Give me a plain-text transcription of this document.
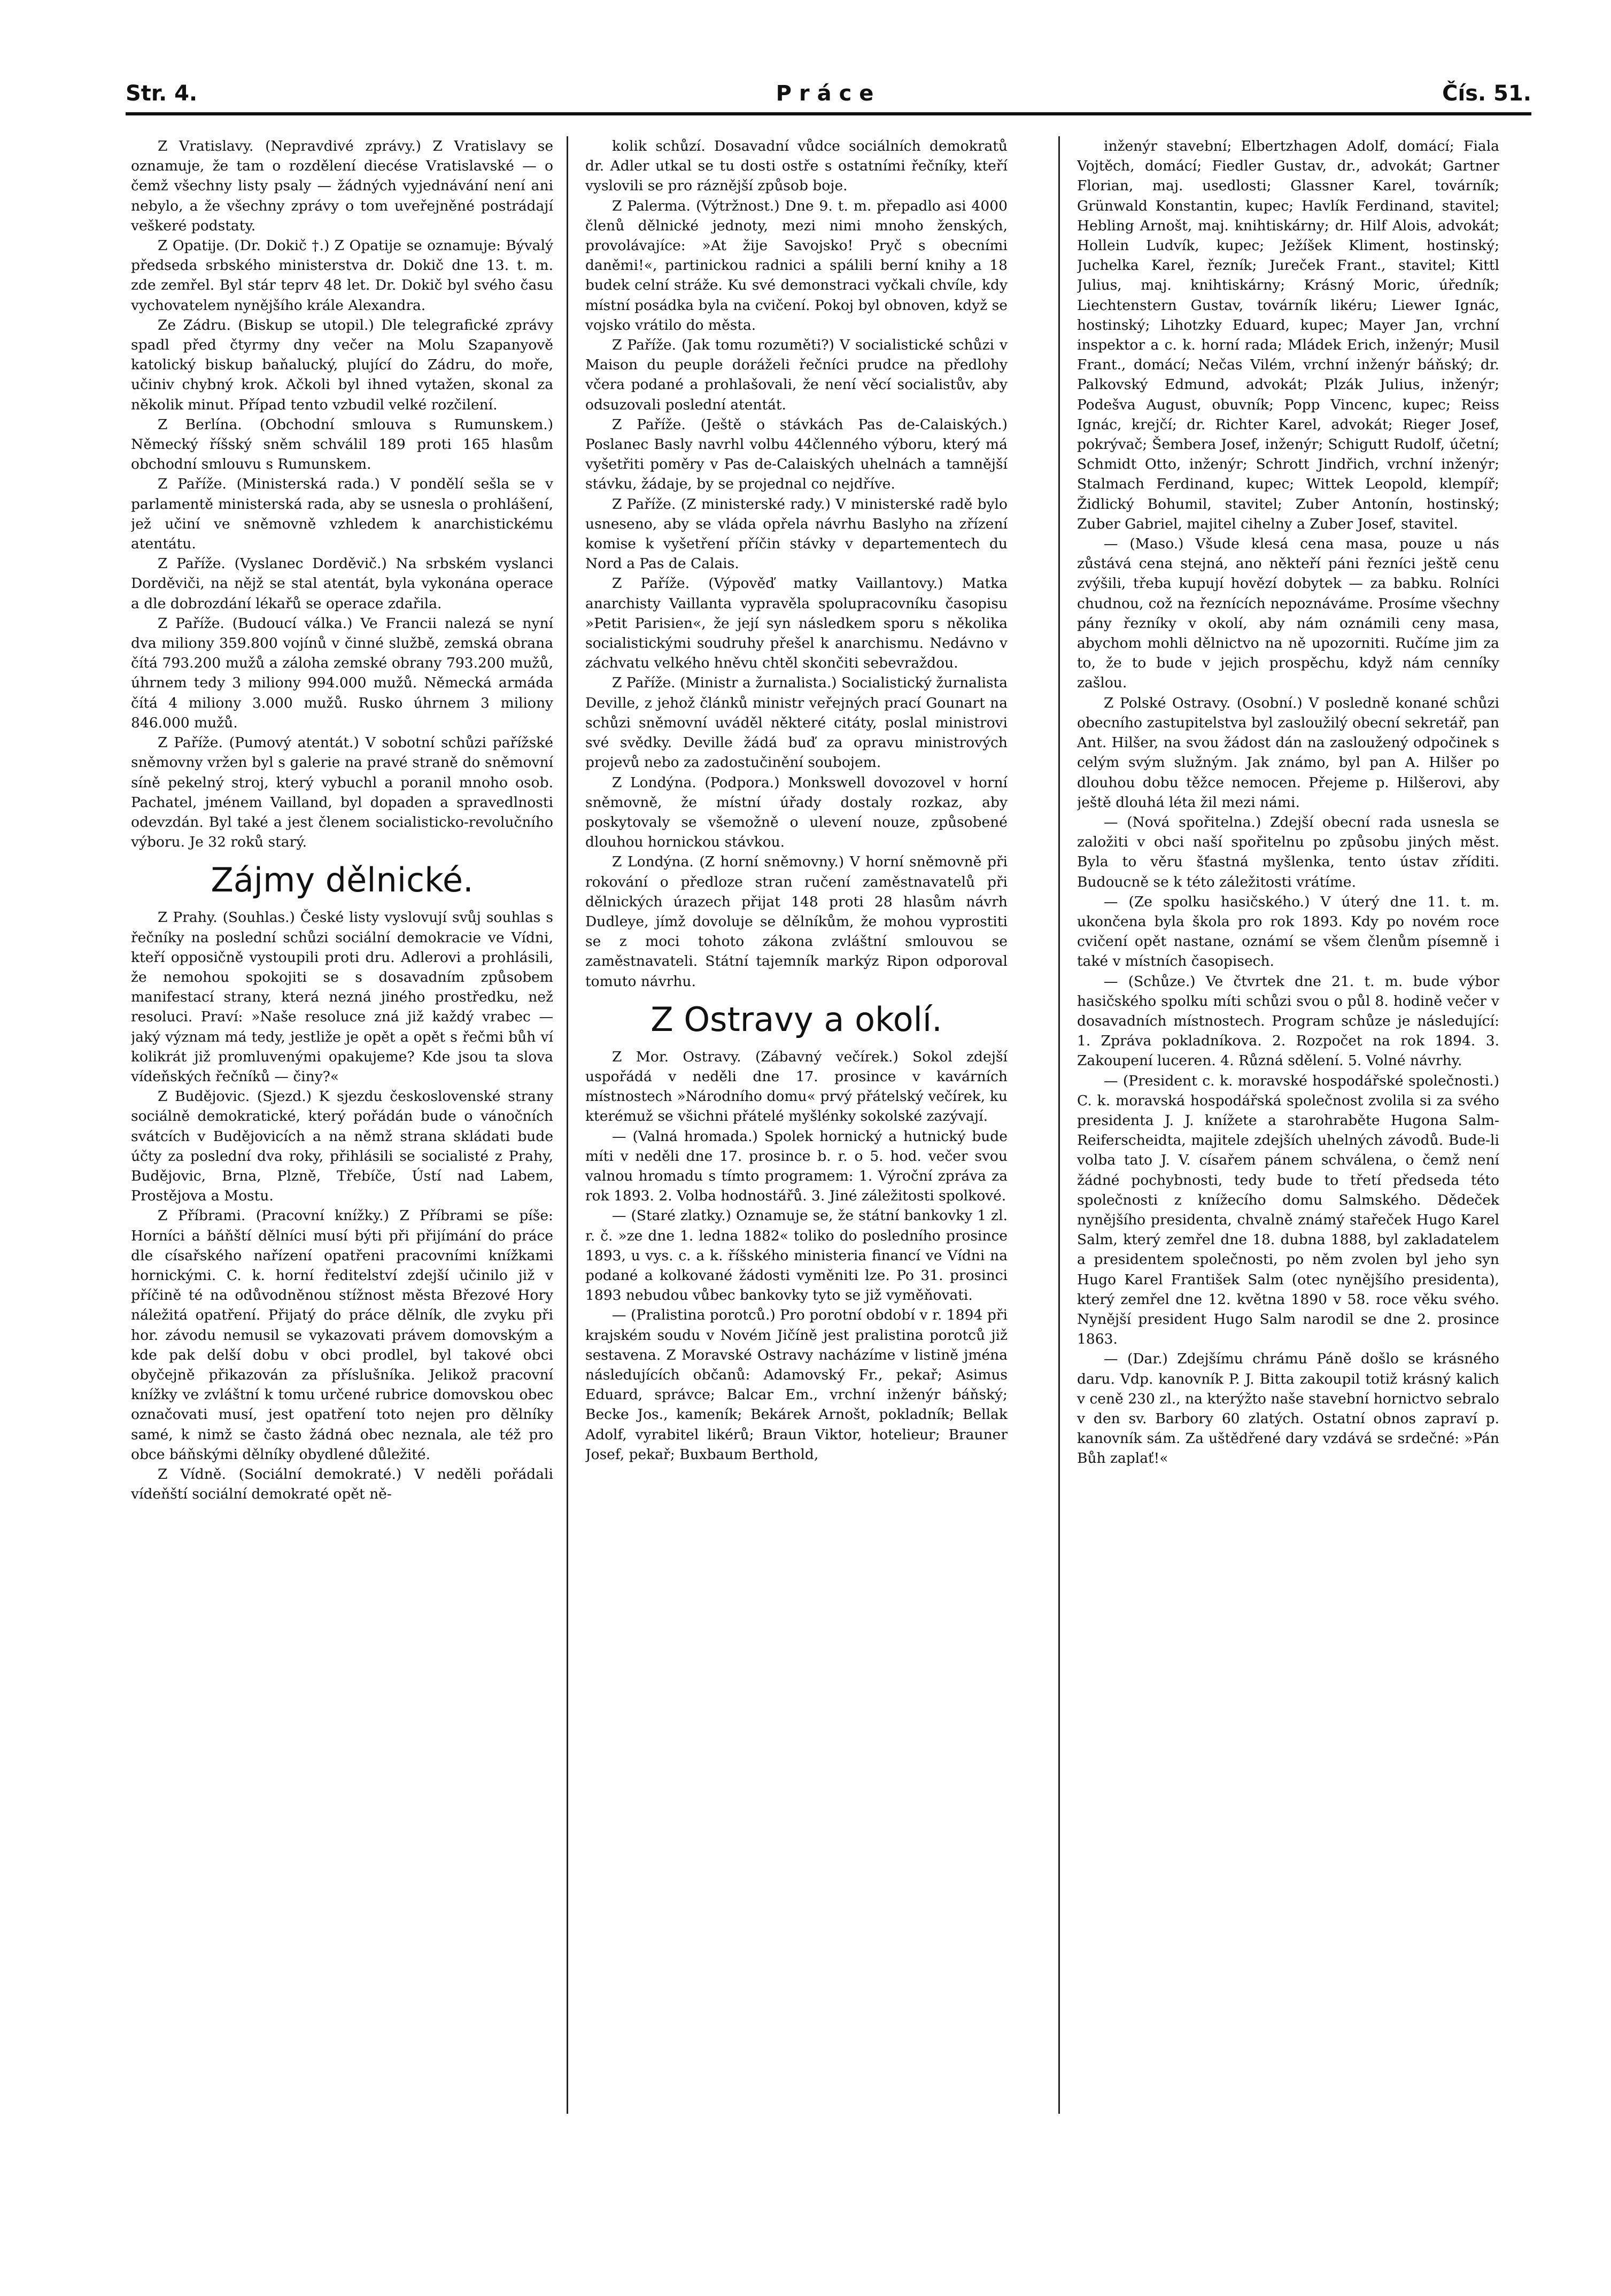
Práce
Str. 4.	Čís. 51.

Z Vratislavy. (Nepravdivé zprávy.) Z Vratislavy se oznamuje, že tam o rozdělení diecése Vratislavské — o čemž všechny listy psaly — žádných vyjednávání není ani nebylo, a že všechny zprávy o tom uveřejněné postrádají veškeré podstaty.

Z Opatije. (Dr. Dokič †.) Z Opatije se oznamuje: Bývalý předseda srbského ministerstva dr. Dokič dne 13. t. m. zde zemřel. Byl stár teprv 48 let. Dr. Dokič byl svého času vychovatelem nynějšího krále Alexandra.

Ze Zádru. (Biskup se utopil.) Dle telegrafické zprávy spadl před čtyrmy dny večer na Molu Szapanyově katolický biskup baňalucký, plující do Zádru, do moře, učiniv chybný krok. Ačkoli byl ihned vytažen, skonal za několik minut. Případ tento vzbudil velké rozčilení.

Z Berlína. (Obchodní smlouva s Rumunskem.) Německý říšský sněm schválil 189 proti 165 hlasům obchodní smlouvu s Rumunskem.

Z Paříže. (Ministerská rada.) V pondělí sešla se v parlamentě ministerská rada, aby se usnesla o prohlášení, jež učiní ve sněmovně vzhledem k anarchistickému atentátu.

Z Paříže. (Vyslanec Dorděvič.) Na srbském vyslanci Dorděviči, na nějž se stal atentát, byla vykonána operace a dle dobrozdání lékařů se operace zdařila.

Z Paříže. (Budoucí válka.) Ve Francii nalezá se nyní dva miliony 359.800 vojínů v činné službě, zemská obrana čítá 793.200 mužů a záloha zemské obrany 793.200 mužů, úhrnem tedy 3 miliony 994.000 mužů. Německá armáda čítá 4 miliony 3.000 mužů. Rusko úhrnem 3 miliony 846.000 mužů.

Z Paříže. (Pumový atentát.) V sobotní schůzi pařížské sněmovny vržen byl s galerie na pravé straně do sněmovní síně pekelný stroj, který vybuchl a poranil mnoho osob. Pachatel, jménem Vailland, byl dopaden a spravedlnosti odevzdán. Byl také a jest členem socialisticko-revolučního výboru. Je 32 roků starý.

Zájmy dělnické.

Z Prahy. (Souhlas.) České listy vyslovují svůj souhlas s řečníky na poslední schůzi sociální demokracie ve Vídni, kteří opposičně vystoupili proti dru. Adlerovi a prohlásili, že nemohou spokojiti se s dosavadním způsobem manifestací strany, která nezná jiného prostředku, než resoluci. Praví: »Naše resoluce zná již každý vrabec — jaký význam má tedy, jestliže je opět a opět s řečmi bůh ví kolikrát již promluvenými opakujeme? Kde jsou ta slova vídeňských řečníků — činy?«

Z Budějovic. (Sjezd.) K sjezdu československé strany sociálně demokratické, který pořádán bude o vánočních svátcích v Budějovicích a na němž strana skládati bude účty za poslední dva roky, přihlásili se socialisté z Prahy, Budějovic, Brna, Plzně, Třebíče, Ústí nad Labem, Prostějova a Mostu.

Z Příbrami. (Pracovní knížky.) Z Příbrami se píše: Horníci a báňští dělníci musí býti při přijímání do práce dle císařského nařízení opatřeni pracovními knížkami hornickými. C. k. horní ředitelství zdejší učinilo již v příčině té na odůvodněnou stížnost města Březové Hory náležitá opatření. Přijatý do práce dělník, dle zvyku při hor. závodu nemusil se vykazovati právem domovským a kde pak delší dobu v obci prodlel, byl takové obci obyčejně přikazován za příslušníka. Jelikož pracovní knížky ve zvláštní k tomu určené rubrice domovskou obec označovati musí, jest opatření toto nejen pro dělníky samé, k nimž se často žádná obec neznala, ale též pro obce báňskými dělníky obydlené důležité.

Z Vídně. (Sociální demokraté.) V neděli pořádali vídeňští sociální demokraté opět ně-

kolik schůzí. Dosavadní vůdce sociálních demokratů dr. Adler utkal se tu dosti ostře s ostatními řečníky, kteří vyslovili se pro ráznější způsob boje.

Z Palerma. (Výtržnost.) Dne 9. t. m. přepadlo asi 4000 členů dělnické jednoty, mezi nimi mnoho ženských, provolávajíce: »At žije Savojsko! Pryč s obecními daněmi!«, partinickou radnici a spálili berní knihy a 18 budek celní stráže. Ku své demonstraci vyčkali chvíle, kdy místní posádka byla na cvičení. Pokoj byl obnoven, když se vojsko vrátilo do města.

Z Paříže. (Jak tomu rozuměti?) V socialistické schůzi v Maison du peuple doráželi řečníci prudce na předlohy včera podané a prohlašovali, že není věcí socialistův, aby odsuzovali poslední atentát.

Z Paříže. (Ještě o stávkách Pas de-Calaiských.) Poslanec Basly navrhl volbu 44členného výboru, který má vyšetřiti poměry v Pas de-Calaiských uhelnách a tamnější stávku, žádaje, by se projednal co nejdříve.

Z Paříže. (Z ministerské rady.) V ministerské radě bylo usneseno, aby se vláda opřela návrhu Baslyho na zřízení komise k vyšetření příčin stávky v departementech du Nord a Pas de Calais.

Z Paříže. (Výpověď matky Vaillantovy.) Matka anarchisty Vaillanta vypravěla spolupracovníku časopisu »Petit Parisien«, že její syn následkem sporu s několika socialistickými soudruhy přešel k anarchismu. Nedávno v záchvatu velkého hněvu chtěl skončiti sebevraždou.

Z Paříže. (Ministr a žurnalista.) Socialistický žurnalista Deville, z jehož článků ministr veřejných prací Gounart na schůzi sněmovní uváděl některé citáty, poslal ministrovi své svědky. Deville žádá buď za opravu ministrových projevů nebo za zadostučinění soubojem.

Z Londýna. (Podpora.) Monkswell dovozovel v horní sněmovně, že místní úřady dostaly rozkaz, aby poskytovaly se všemožně o ulevení nouze, způsobené dlouhou hornickou stávkou.

Z Londýna. (Z horní sněmovny.) V horní sněmovně při rokování o předloze stran ručení zaměstnavatelů při dělnických úrazech přijat 148 proti 28 hlasům návrh Dudleye, jímž dovoluje se dělníkům, že mohou vyprostiti se z moci tohoto zákona zvláštní smlouvou se zaměstnavateli. Státní tajemník markýz Ripon odporoval tomuto návrhu.

Z Ostravy a okolí.

Z Mor. Ostravy. (Zábavný večírek.) Sokol zdejší uspořádá v neděli dne 17. prosince v kavárních místnostech »Národního domu« prvý přátelský večírek, ku kterémuž se všichni přátelé myšlénky sokolské zazývají.

— (Valná hromada.) Spolek hornický a hutnický bude míti v neděli dne 17. prosince b. r. o 5. hod. večer svou valnou hromadu s tímto programem: 1. Výroční zpráva za rok 1893. 2. Volba hodnostářů. 3. Jiné záležitosti spolkové.

— (Staré zlatky.) Oznamuje se, že státní bankovky 1 zl. r. č. »ze dne 1. ledna 1882« toliko do posledního prosince 1893, u vys. c. a k. říšského ministeria financí ve Vídni na podané a kolkované žádosti vyměniti lze. Po 31. prosinci 1893 nebudou vůbec bankovky tyto se již vyměňovati.

— (Pralistina porotců.) Pro porotní období v r. 1894 při krajském soudu v Novém Jičíně jest pralistina porotců již sestavena. Z Moravské Ostravy nacházíme v listině jména následujících občanů: Adamovský Fr., pekař; Asimus Eduard, správce; Balcar Em., vrchní inženýr báňský; Becke Jos., kameník; Bekárek Arnošt, pokladník; Bellak Adolf, vyrabitel likérů; Braun Viktor, hotelieur; Brauner Josef, pekař; Buxbaum Berthold,

inženýr stavební; Elbertzhagen Adolf, domácí; Fiala Vojtěch, domácí; Fiedler Gustav, dr., advokát; Gartner Florian, maj. usedlosti; Glassner Karel, továrník; Grünwald Konstantin, kupec; Havlík Ferdinand, stavitel; Hebling Arnošt, maj. knihtiskárny; dr. Hilf Alois, advokát; Hollein Ludvík, kupec; Ježíšek Kliment, hostinský; Juchelka Karel, řezník; Jureček Frant., stavitel; Kittl Julius, maj. knihtiskárny; Krásný Moric, úředník; Liechtenstern Gustav, továrník likéru; Liewer Ignác, hostinský; Lihotzky Eduard, kupec; Mayer Jan, vrchní inspektor a c. k. horní rada; Mládek Erich, inženýr; Musil Frant., domácí; Nečas Vilém, vrchní inženýr báňský; dr. Palkovský Edmund, advokát; Plzák Julius, inženýr; Podešva August, obuvník; Popp Vincenc, kupec; Reiss Ignác, krejčí; dr. Richter Karel, advokát; Rieger Josef, pokrývač; Šembera Josef, inženýr; Schigutt Rudolf, účetní; Schmidt Otto, inženýr; Schrott Jindřich, vrchní inženýr; Stalmach Ferdinand, kupec; Wittek Leopold, klempíř; Židlický Bohumil, stavitel; Zuber Antonín, hostinský; Zuber Gabriel, majitel cihelny a Zuber Josef, stavitel.

— (Maso.) Všude klesá cena masa, pouze u nás zůstává cena stejná, ano někteří páni řezníci ještě cenu zvýšili, třeba kupují hovězí dobytek — za babku. Rolníci chudnou, což na řeznících nepoznáváme. Prosíme všechny pány řezníky v okolí, aby nám oznámili ceny masa, abychom mohli dělnictvo na ně upozorniti. Ručíme jim za to, že to bude v jejich prospěchu, když nám cenníky zašlou.

Z Polské Ostravy. (Osobní.) V posledně konané schůzi obecního zastupitelstva byl zasloužilý obecní sekretář, pan Ant. Hilšer, na svou žádost dán na zasloužený odpočinek s celým svým služným. Jak známo, byl pan A. Hilšer po dlouhou dobu těžce nemocen. Přejeme p. Hilšerovi, aby ještě dlouhá léta žil mezi námi.

— (Nová spořitelna.) Zdejší obecní rada usnesla se založiti v obci naší spořitelnu po způsobu jiných měst. Byla to věru šťastná myšlenka, tento ústav zříditi. Budoucně se k této záležitosti vrátíme.

— (Ze spolku hasičského.) V úterý dne 11. t. m. ukončena byla škola pro rok 1893. Kdy po novém roce cvičení opět nastane, oznámí se všem členům písemně i také v místních časopisech.

— (Schůze.) Ve čtvrtek dne 21. t. m. bude výbor hasičského spolku míti schůzi svou o půl 8. hodině večer v dosavadních místnostech. Program schůze je následující: 1. Zpráva pokladníkova. 2. Rozpočet na rok 1894. 3. Zakoupení luceren. 4. Různá sdělení. 5. Volné návrhy.

— (President c. k. moravské hospodářské společnosti.) C. k. moravská hospodářská společnost zvolila si za svého presidenta J. J. knížete a starohraběte Hugona Salm-Reiferscheidta, majitele zdejších uhelných závodů. Bude-li volba tato J. V. císařem pánem schválena, o čemž není žádné pochybnosti, tedy bude to třetí předseda této společnosti z knížecího domu Salmského. Dědeček nynějšího presidenta, chvalně známý stařeček Hugo Karel Salm, který zemřel dne 18. dubna 1888, byl zakladatelem a presidentem společnosti, po něm zvolen byl jeho syn Hugo Karel František Salm (otec nynějšího presidenta), který zemřel dne 12. května 1890 v 58. roce věku svého. Nynější president Hugo Salm narodil se dne 2. prosince 1863.

— (Dar.) Zdejšímu chrámu Páně došlo se krásného daru. Vdp. kanovník P. J. Bitta zakoupil totiž krásný kalich v ceně 230 zl., na kterýžto naše stavební hornictvo sebralo v den sv. Barbory 60 zlatých. Ostatní obnos zapraví p. kanovník sám. Za uštědřené dary vzdává se srdečné: »Pán Bůh zaplať!«
